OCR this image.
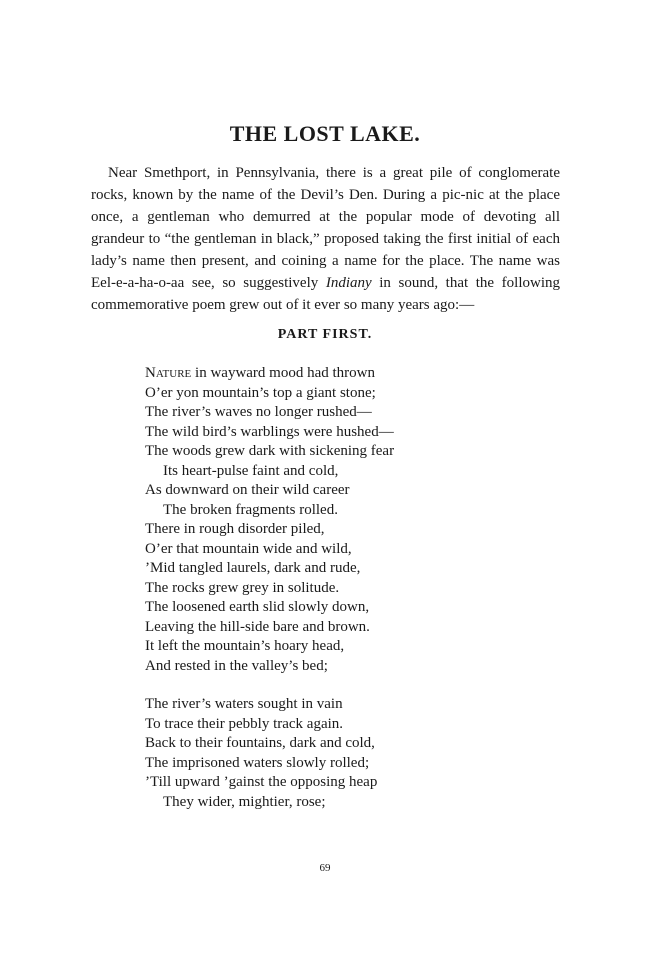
THE LOST LAKE.

Near Smethport, in Pennsylvania, there is a great pile of conglomerate rocks, known by the name of the Devil’s Den. During a pic-nic at the place once, a gentleman who demurred at the popular mode of devoting all grandeur to “the gentleman in black,” proposed taking the first initial of each lady’s name then present, and coining a name for the place. The name was Eel-e-a-ha-o-aa see, so suggestively Indiany in sound, that the following commemorative poem grew out of it ever so many years ago:—

PART FIRST.
Nature in wayward mood had thrown
O’er yon mountain’s top a giant stone;
The river’s waves no longer rushed—
The wild bird’s warblings were hushed—
The woods grew dark with sickening fear
Its heart-pulse faint and cold,
As downward on their wild career
The broken fragments rolled.
There in rough disorder piled,
O’er that mountain wide and wild,
’Mid tangled laurels, dark and rude,
The rocks grew grey in solitude.
The loosened earth slid slowly down,
Leaving the hill-side bare and brown.
It left the mountain’s hoary head,
And rested in the valley’s bed;
The river’s waters sought in vain
To trace their pebbly track again.
Back to their fountains, dark and cold,
The imprisoned waters slowly rolled;
’Till upward ’gainst the opposing heap
They wider, mightier, rose;
69
